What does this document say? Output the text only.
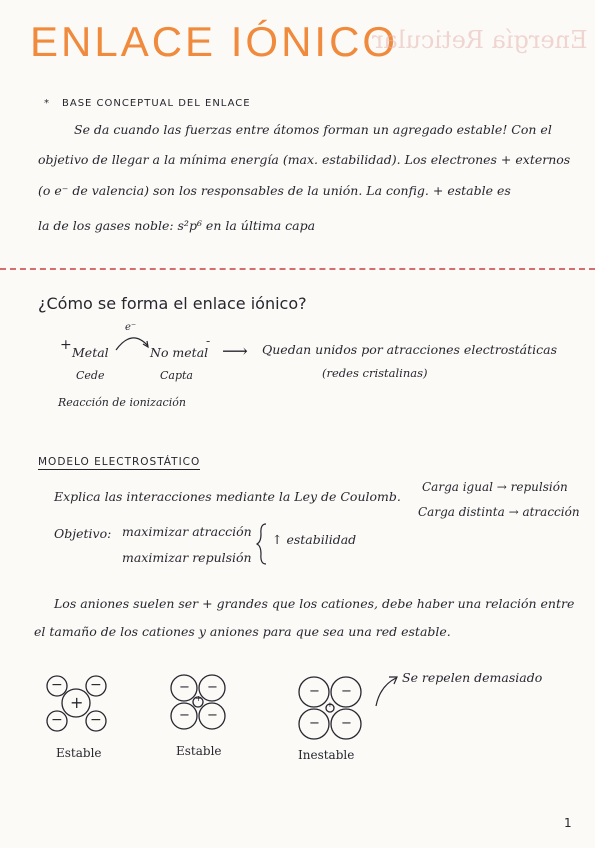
ENLACE IÓNICO
Energía Reticular
* BASE CONCEPTUAL DEL ENLACE
Se da cuando las fuerzas entre átomos forman un agregado estable! Con el
objetivo de llegar a la mínima energía (max. estabilidad). Los electrones + externos
(o e⁻ de valencia) son los responsables de la unión. La config. + estable es
la de los gases noble: s²p⁶ en la última capa
¿Cómo se forma el enlace iónico?
+ Metal
e⁻
No metal
-
⟶ Quedan unidos por atracciones electrostáticas
(redes cristalinas)
Cede	Capta
Reacción de ionización
MODELO ELECTROSTÁTICO
Explica las interacciones mediante la Ley de Coulomb.
Carga igual → repulsión
Carga distinta → atracción
Objetivo: maximizar atracción
maximizar repulsión
↑ estabilidad
Los aniones suelen ser + grandes que los cationes, debe haber una relación entre
el tamaño de los cationes y aniones para que sea una red estable.
− −
+
− −
− −
+
− −
− −
+
− −
Se repelen demasiado
Estable	Estable	Inestable
1
